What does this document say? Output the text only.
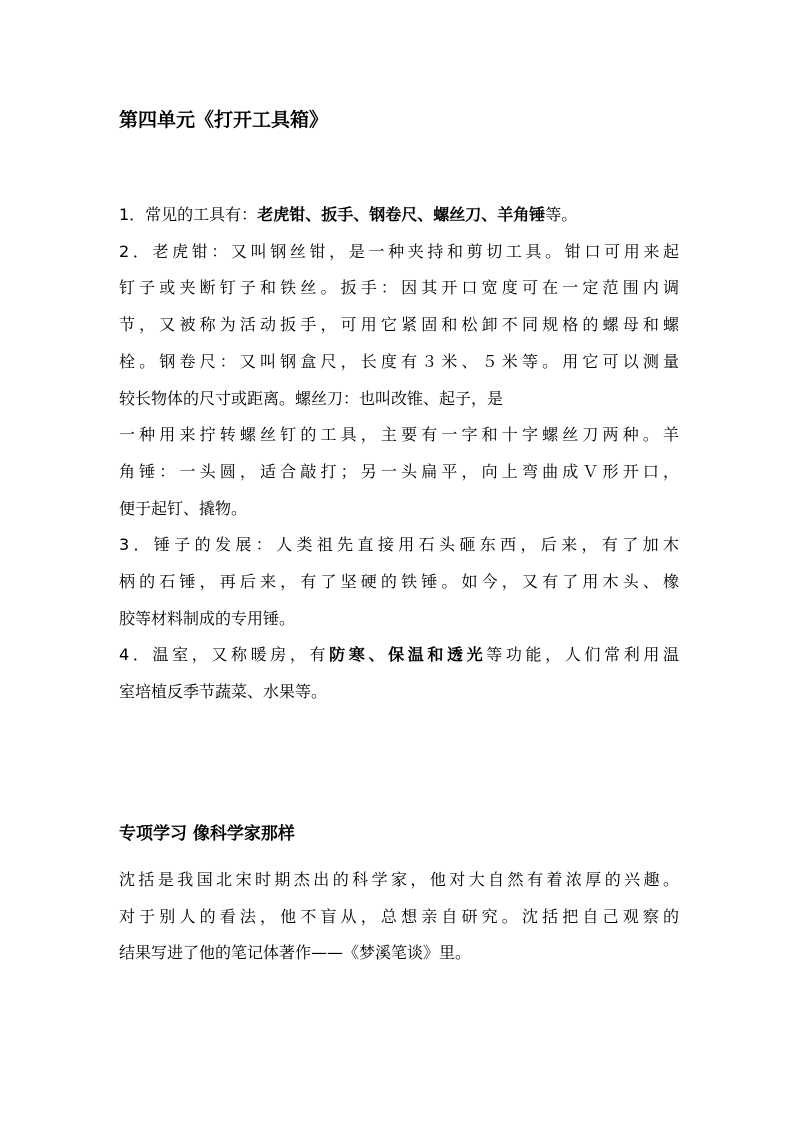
第四单元《打开工具箱》
1．常见的工具有：老虎钳、扳手、钢卷尺、螺丝刀、羊角锤等。
2．老虎钳：又叫钢丝钳，是一种夹持和剪切工具。钳口可用来起
钉子或夹断钉子和铁丝。扳手：因其开口宽度可在一定范围内调
节，又被称为活动扳手，可用它紧固和松卸不同规格的螺母和螺
栓。钢卷尺：又叫钢盒尺，长度有３米、５米等。用它可以测量
较长物体的尺寸或距离。螺丝刀：也叫改锥、起子，是
一种用来拧转螺丝钉的工具，主要有一字和十字螺丝刀两种。羊
角锤：一头圆，适合敲打；另一头扁平，向上弯曲成Ｖ形开口，
便于起钉、撬物。
3．锤子的发展：人类祖先直接用石头砸东西，后来，有了加木
柄的石锤，再后来，有了坚硬的铁锤。如今，又有了用木头、橡
胶等材料制成的专用锤。
4．温室，又称暖房，有防寒、保温和透光等功能，人们常利用温
室培植反季节蔬菜、水果等。
专项学习 像科学家那样
沈括是我国北宋时期杰出的科学家，他对大自然有着浓厚的兴趣。
对于别人的看法，他不盲从，总想亲自研究。沈括把自己观察的
结果写进了他的笔记体著作——《梦溪笔谈》里。
